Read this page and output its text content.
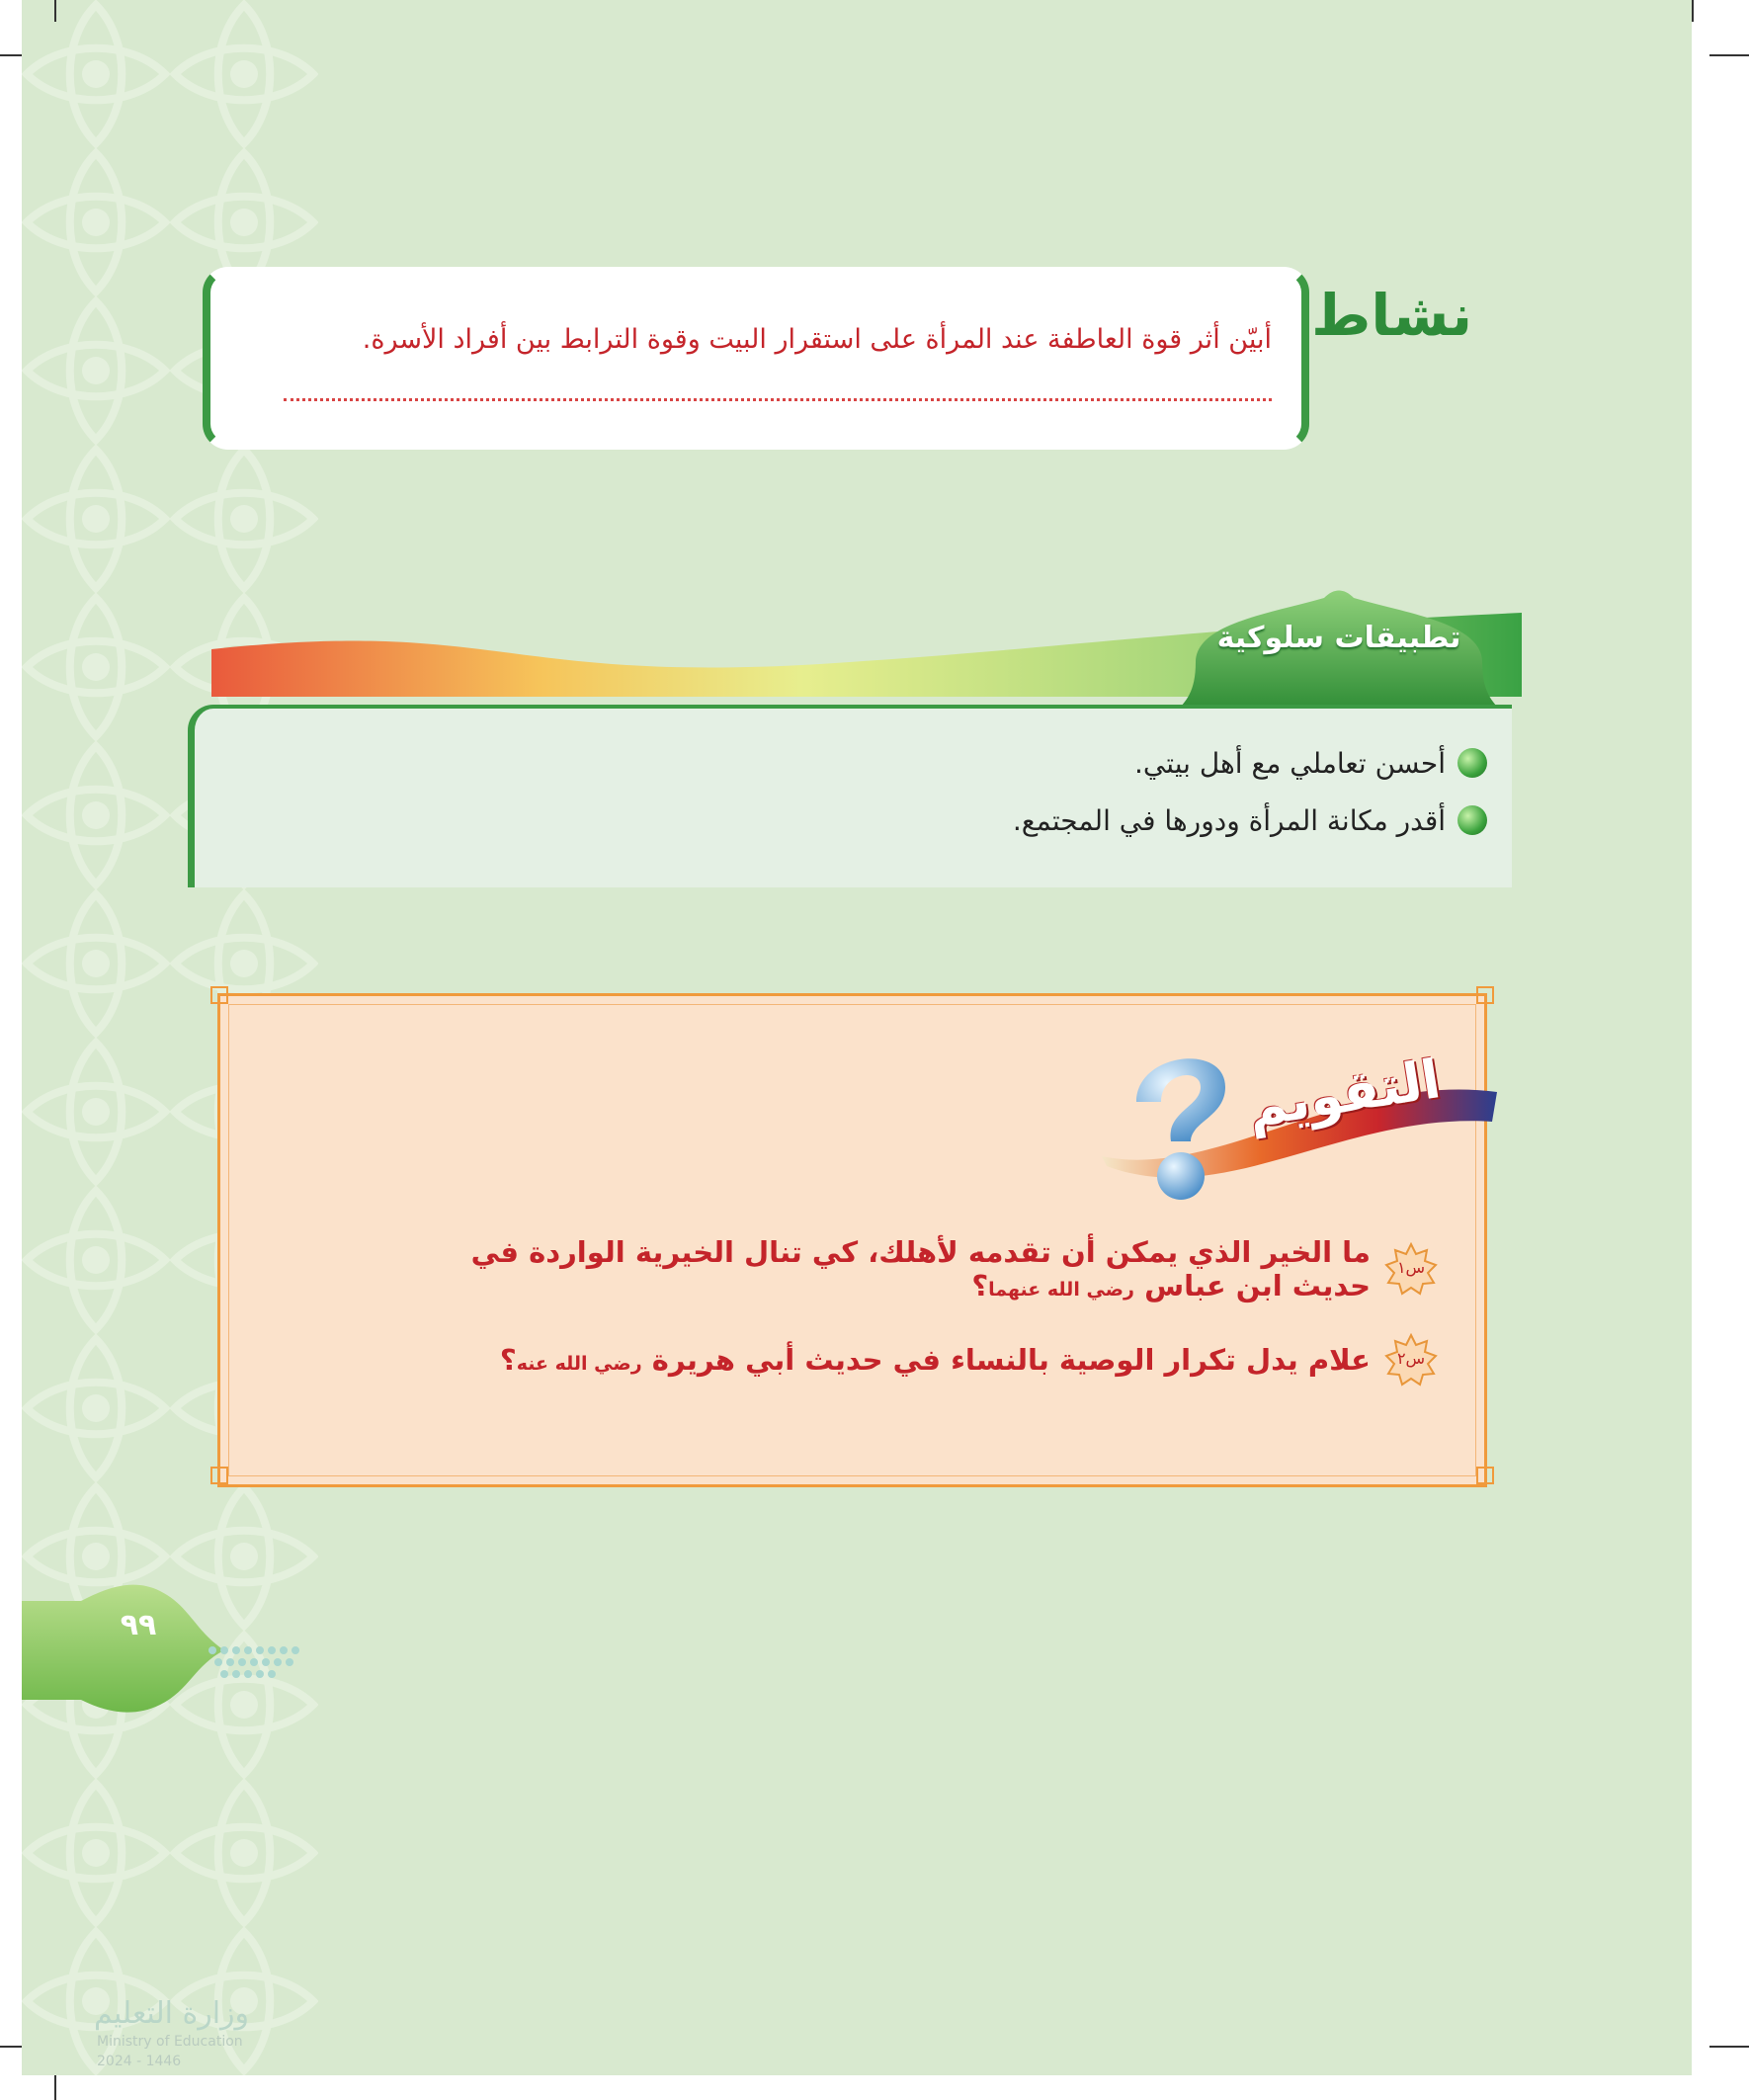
نشاط
أبيّن أثر قوة العاطفة عند المرأة على استقرار البيت وقوة الترابط بين أفراد الأسرة.
تطبيقات سلوكية
أحسن تعاملي مع أهل بيتي.
أقدر مكانة المرأة ودورها في المجتمع.
التقويم
س١
ما الخير الذي يمكن أن تقدمه لأهلك، كي تنال الخيرية الواردة في حديث ابن عباس رضي الله عنهما؟
س٢
علام يدل تكرار الوصية بالنساء في حديث أبي هريرة رضي الله عنه؟
٩٩
وزارة التعليم
Ministry of Education
2024 - 1446
